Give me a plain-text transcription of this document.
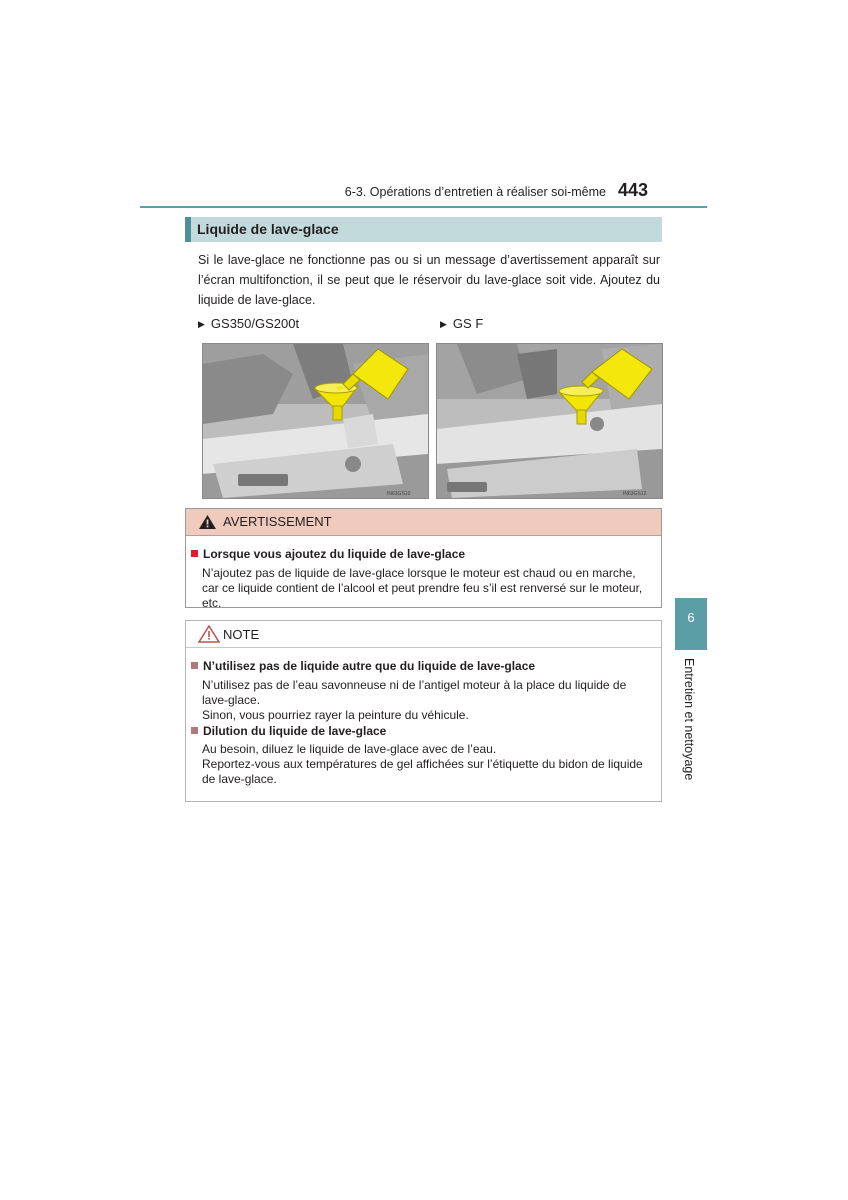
6-3. Opérations d’entretien à réaliser soi-même 443
Liquide de lave-glace
Si le lave-glace ne fonctionne pas ou si un message d’avertissement apparaît sur l’écran multifonction, il se peut que le réservoir du lave-glace soit vide. Ajoutez du liquide de lave-glace.
▶ GS350/GS200t	▶ GS F
IN63GS10	IN63GS12
AVERTISSEMENT
Lorsque vous ajoutez du liquide de lave-glace
N’ajoutez pas de liquide de lave-glace lorsque le moteur est chaud ou en marche, car ce liquide contient de l’alcool et peut prendre feu s’il est renversé sur le moteur, etc.
NOTE
N’utilisez pas de liquide autre que du liquide de lave-glace
N’utilisez pas de l’eau savonneuse ni de l’antigel moteur à la place du liquide de lave-glace.
Sinon, vous pourriez rayer la peinture du véhicule.
Dilution du liquide de lave-glace
Au besoin, diluez le liquide de lave-glace avec de l’eau.
Reportez-vous aux températures de gel affichées sur l’étiquette du bidon de liquide de lave-glace.
6
Entretien et nettoyage
